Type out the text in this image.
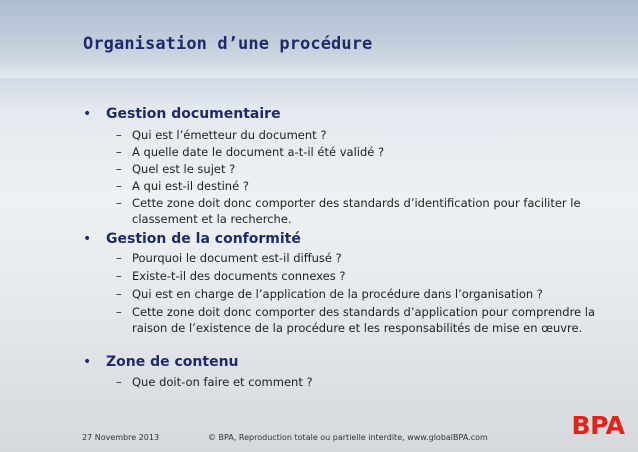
Organisation d’une procédure
• Gestion documentaire
– Qui est l’émetteur du document ?
– A quelle date le document a-t-il été validé ?
– Quel est le sujet ?
– A qui est-il destiné ?
– Cette zone doit donc comporter des standards d’identification pour faciliter le classement et la recherche.
• Gestion de la conformité
– Pourquoi le document est-il diffusé ?
– Existe-t-il des documents connexes ?
– Qui est en charge de l’application de la procédure dans l’organisation ?
– Cette zone doit donc comporter des standards d’application pour comprendre la raison de l’existence de la procédure et les responsabilités de mise en œuvre.
• Zone de contenu
– Que doit-on faire et comment ?
27 Novembre 2013	© BPA, Reproduction totale ou partielle interdite, www.globalBPA.com	BPA
